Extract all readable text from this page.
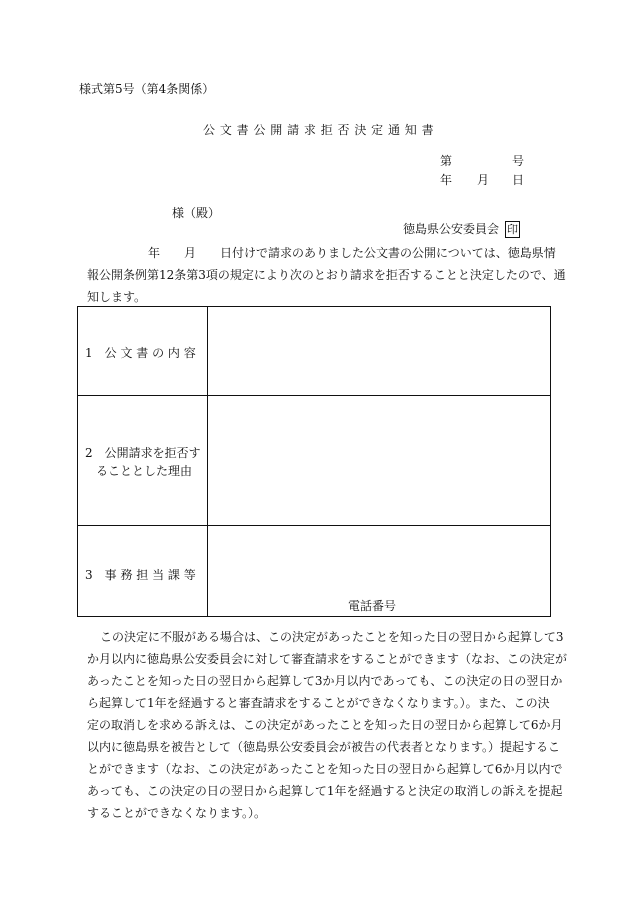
様式第5号（第4条関係）
公 文 書 公 開 請 求 拒 否 決 定 通 知 書
第	号
年 月 日
様（殿）
徳島県公安委員会 印
年　　月　　日付けで請求のありました公文書の公開については、徳島県情
報公開条例第12条第3項の規定により次のとおり請求を拒否することと決定したので、通
知します。
1　公 文 書 の 内 容
2　公開請求を拒否す
ることとした理由
3　事 務 担 当 課 等
電話番号
この決定に不服がある場合は、この決定があったことを知った日の翌日から起算して3
か月以内に徳島県公安委員会に対して審査請求をすることができます（なお、この決定が
あったことを知った日の翌日から起算して3か月以内であっても、この決定の日の翌日か
ら起算して1年を経過すると審査請求をすることができなくなります。）。また、この決
定の取消しを求める訴えは、この決定があったことを知った日の翌日から起算して6か月
以内に徳島県を被告として（徳島県公安委員会が被告の代表者となります。）提起するこ
とができます（なお、この決定があったことを知った日の翌日から起算して6か月以内で
あっても、この決定の日の翌日から起算して1年を経過すると決定の取消しの訴えを提起
することができなくなります。）。
